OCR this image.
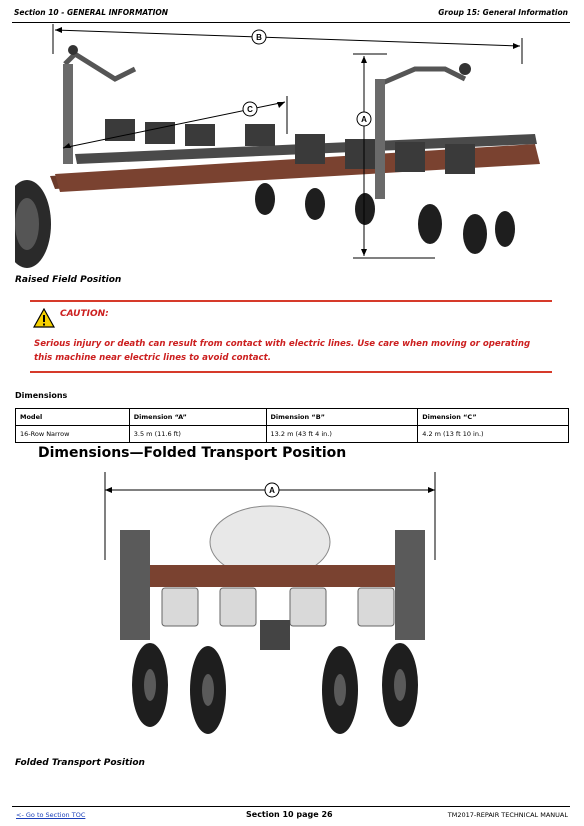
Section 10 - GENERAL INFORMATION	Group 15: General Information
B
C
A
Raised Field Position
CAUTION:
Serious injury or death can result from contact with electric lines. Use care when moving or operating this machine near electric lines to avoid contact.
Dimensions
Model	Dimension “A”	Dimension “B”	Dimension “C”
16-Row Narrow	3.5 m (11.6 ft)	13.2 m (43 ft 4 in.)	4.2 m (13 ft 10 in.)
Dimensions—Folded Transport Position
A
Folded Transport Position
<- Go to Section TOC	Section 10 page 26	TM2017-REPAIR TECHNICAL MANUAL
